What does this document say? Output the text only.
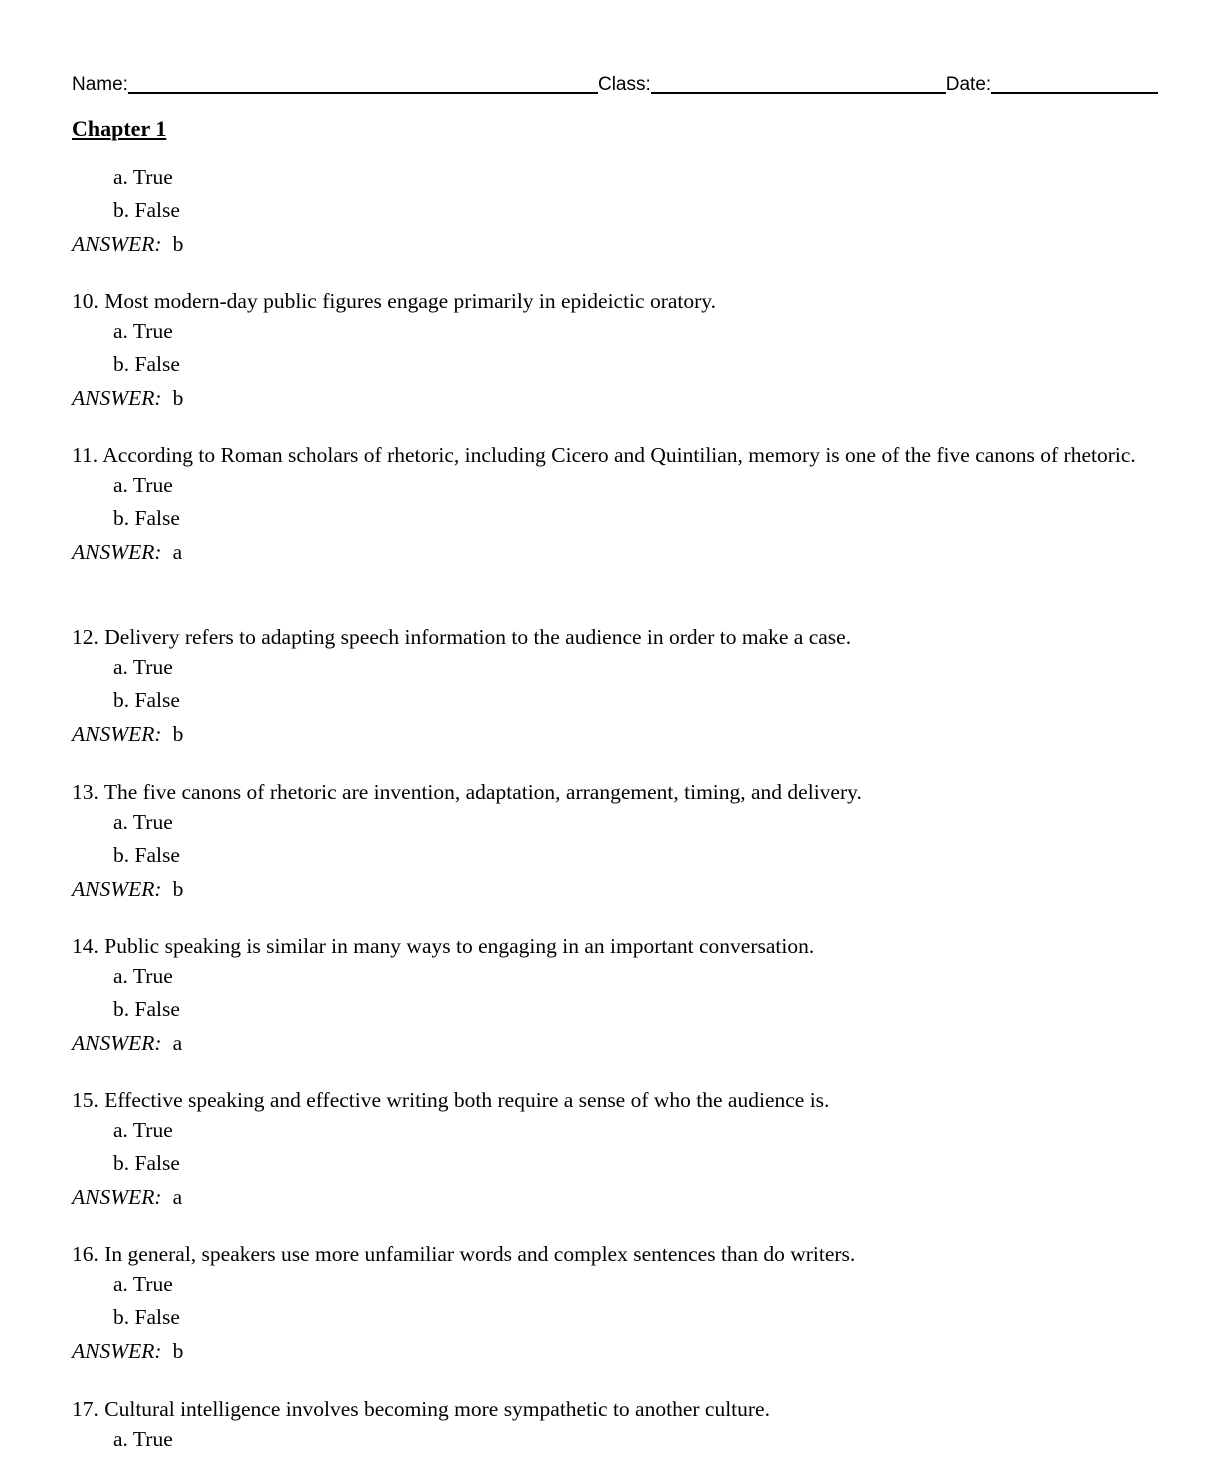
Name:	Class:	Date:
Chapter 1
a. True
b. False
ANSWER: b

10. Most modern-day public figures engage primarily in epideictic oratory.

a. True
b. False
ANSWER: b

11. According to Roman scholars of rhetoric, including Cicero and Quintilian, memory is one of the five canons of rhetoric.

a. True
b. False
ANSWER: a

12. Delivery refers to adapting speech information to the audience in order to make a case.

a. True
b. False
ANSWER: b

13. The five canons of rhetoric are invention, adaptation, arrangement, timing, and delivery.

a. True
b. False
ANSWER: b

14. Public speaking is similar in many ways to engaging in an important conversation.

a. True
b. False
ANSWER: a

15. Effective speaking and effective writing both require a sense of who the audience is.

a. True
b. False
ANSWER: a

16. In general, speakers use more unfamiliar words and complex sentences than do writers.

a. True
b. False
ANSWER: b

17. Cultural intelligence involves becoming more sympathetic to another culture.

a. True
